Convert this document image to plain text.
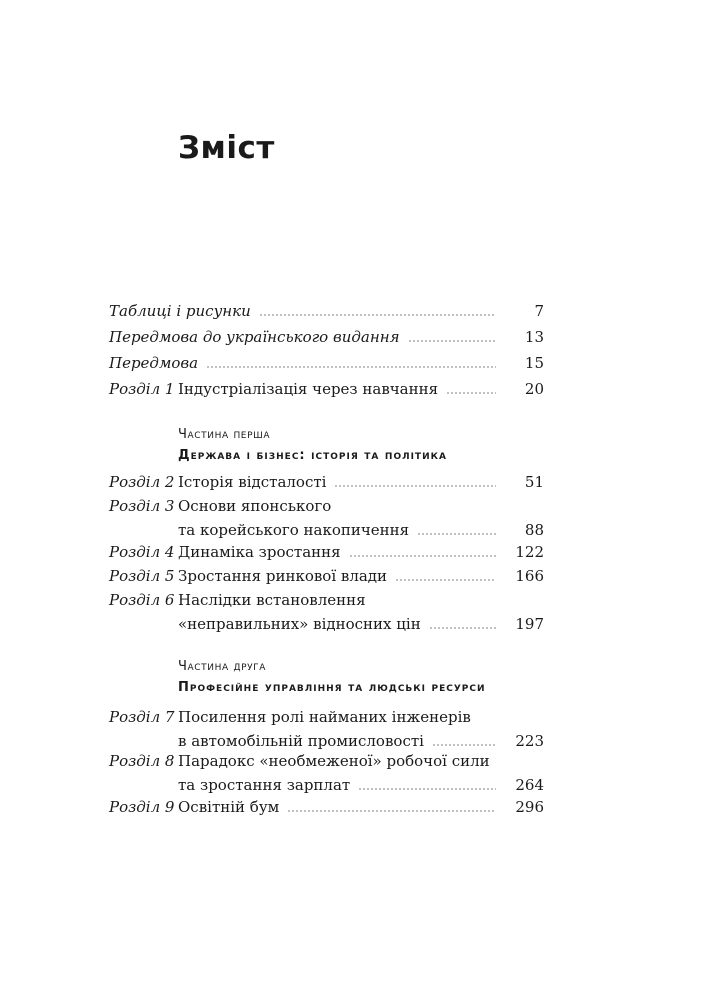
Зміст
Таблиці і рисунки	7
Передмова до українського видання	13
Передмова	15
Розділ 1 Індустріалізація через навчання	20
Частина перша
Держава і бізнес: історія та політика
Розділ 2 Історія відсталості	51
Розділ 3 Основи японського
та корейського накопичення	88
Розділ 4 Динаміка зростання	122
Розділ 5 Зростання ринкової влади	166
Розділ 6 Наслідки встановлення
«неправильних» відносних цін	197
Частина друга
Професійне управління та людські ресурси
Розділ 7 Посилення ролі найманих інженерів
в автомобільній промисловості	223
Розділ 8 Парадокс «необмеженої» робочої сили
та зростання зарплат	264
Розділ 9 Освітній бум	296
